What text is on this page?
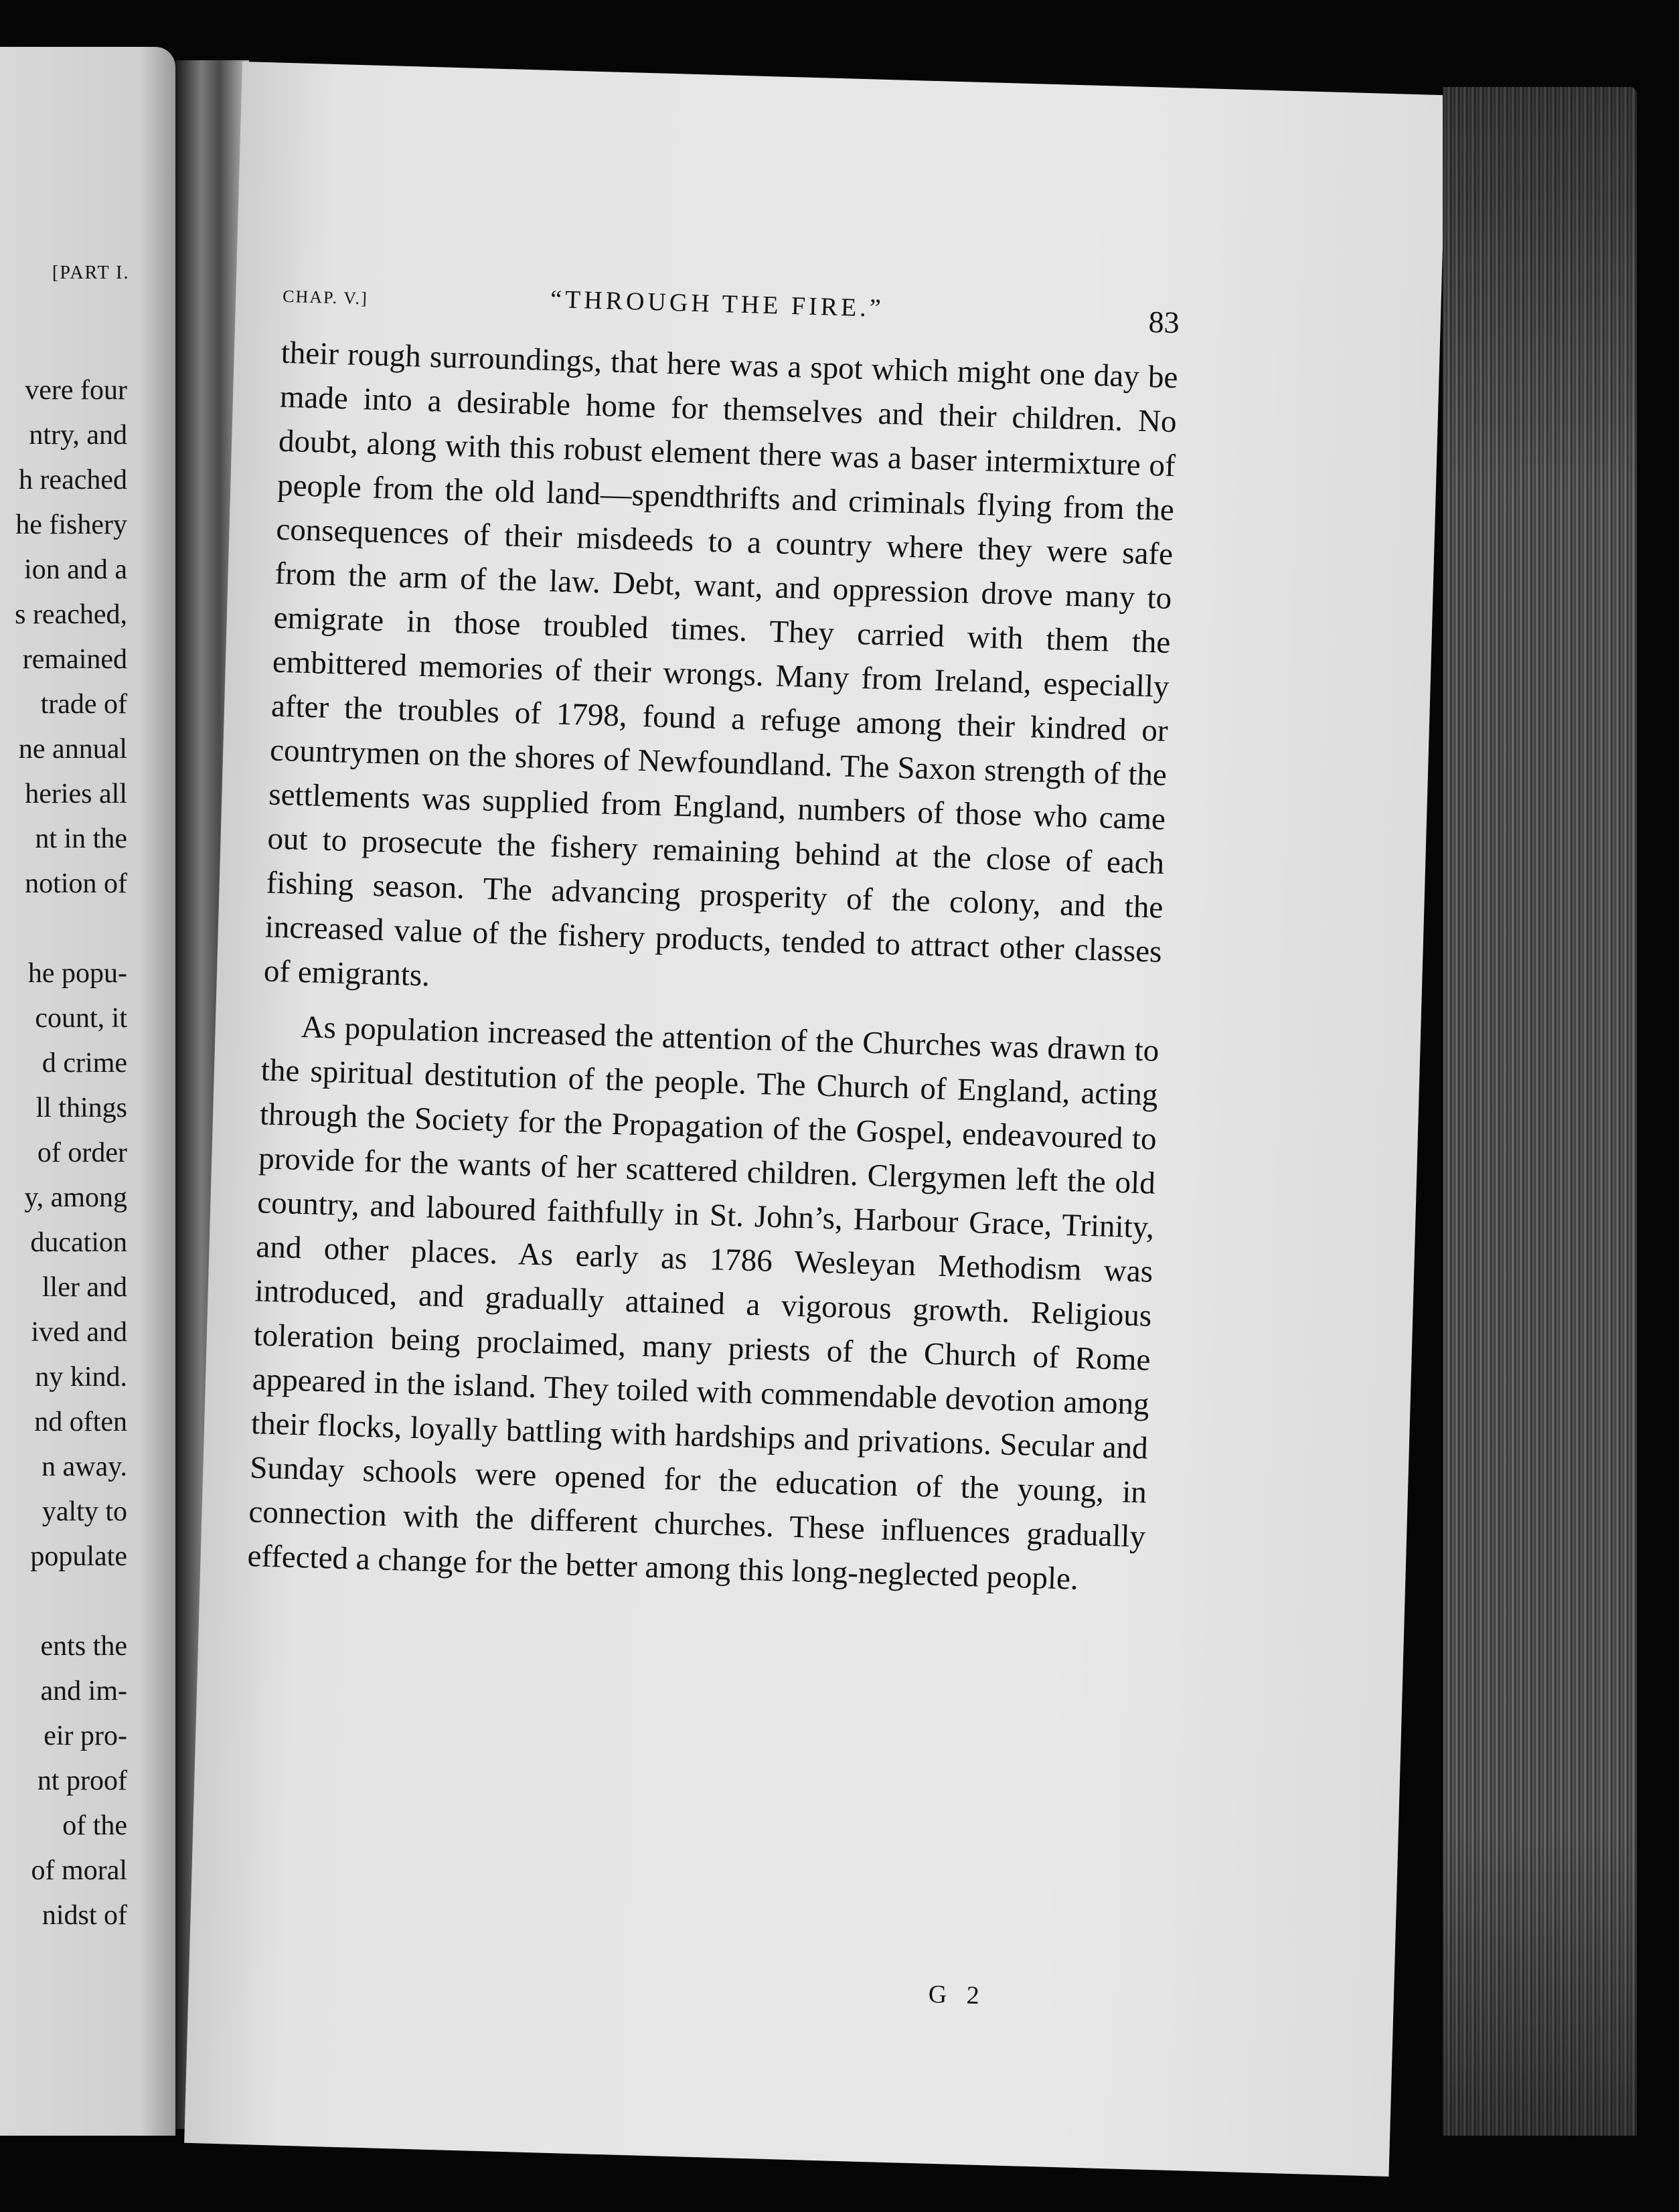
[PART I.
vere four
ntry, and
h reached
he fishery
ion and a
s reached,
remained
trade of
ne annual
heries all
nt in the
notion of
he popu-
count, it
d crime
ll things
of order
y, among
ducation
ller and
ived and
ny kind.
nd often
n away.
yalty to
populate
ents the
and im-
eir pro-
nt proof
of the
of moral
nidst of
CHAP. V.]	“THROUGH THE FIRE.”	83

their rough surroundings, that here was a spot which might one day be made into a desirable home for themselves and their children. No doubt, along with this robust element there was a baser intermixture of people from the old land—spendthrifts and criminals flying from the consequences of their misdeeds to a country where they were safe from the arm of the law. Debt, want, and oppression drove many to emigrate in those troubled times. They carried with them the embittered memories of their wrongs. Many from Ireland, especially after the troubles of 1798, found a refuge among their kindred or countrymen on the shores of Newfoundland. The Saxon strength of the settlements was supplied from England, numbers of those who came out to prosecute the fishery remaining behind at the close of each fishing season. The advancing prosperity of the colony, and the increased value of the fishery products, tended to attract other classes of emigrants.

As population increased the attention of the Churches was drawn to the spiritual destitution of the people. The Church of England, acting through the Society for the Propagation of the Gospel, endeavoured to provide for the wants of her scattered children. Clergymen left the old country, and laboured faithfully in St. John’s, Harbour Grace, Trinity, and other places. As early as 1786 Wesleyan Methodism was introduced, and gradually attained a vigorous growth. Religious toleration being proclaimed, many priests of the Church of Rome appeared in the island. They toiled with commendable devotion among their flocks, loyally battling with hardships and privations. Secular and Sunday schools were opened for the education of the young, in connection with the different churches. These influences gradually effected a change for the better among this long-neglected people.

G 2
